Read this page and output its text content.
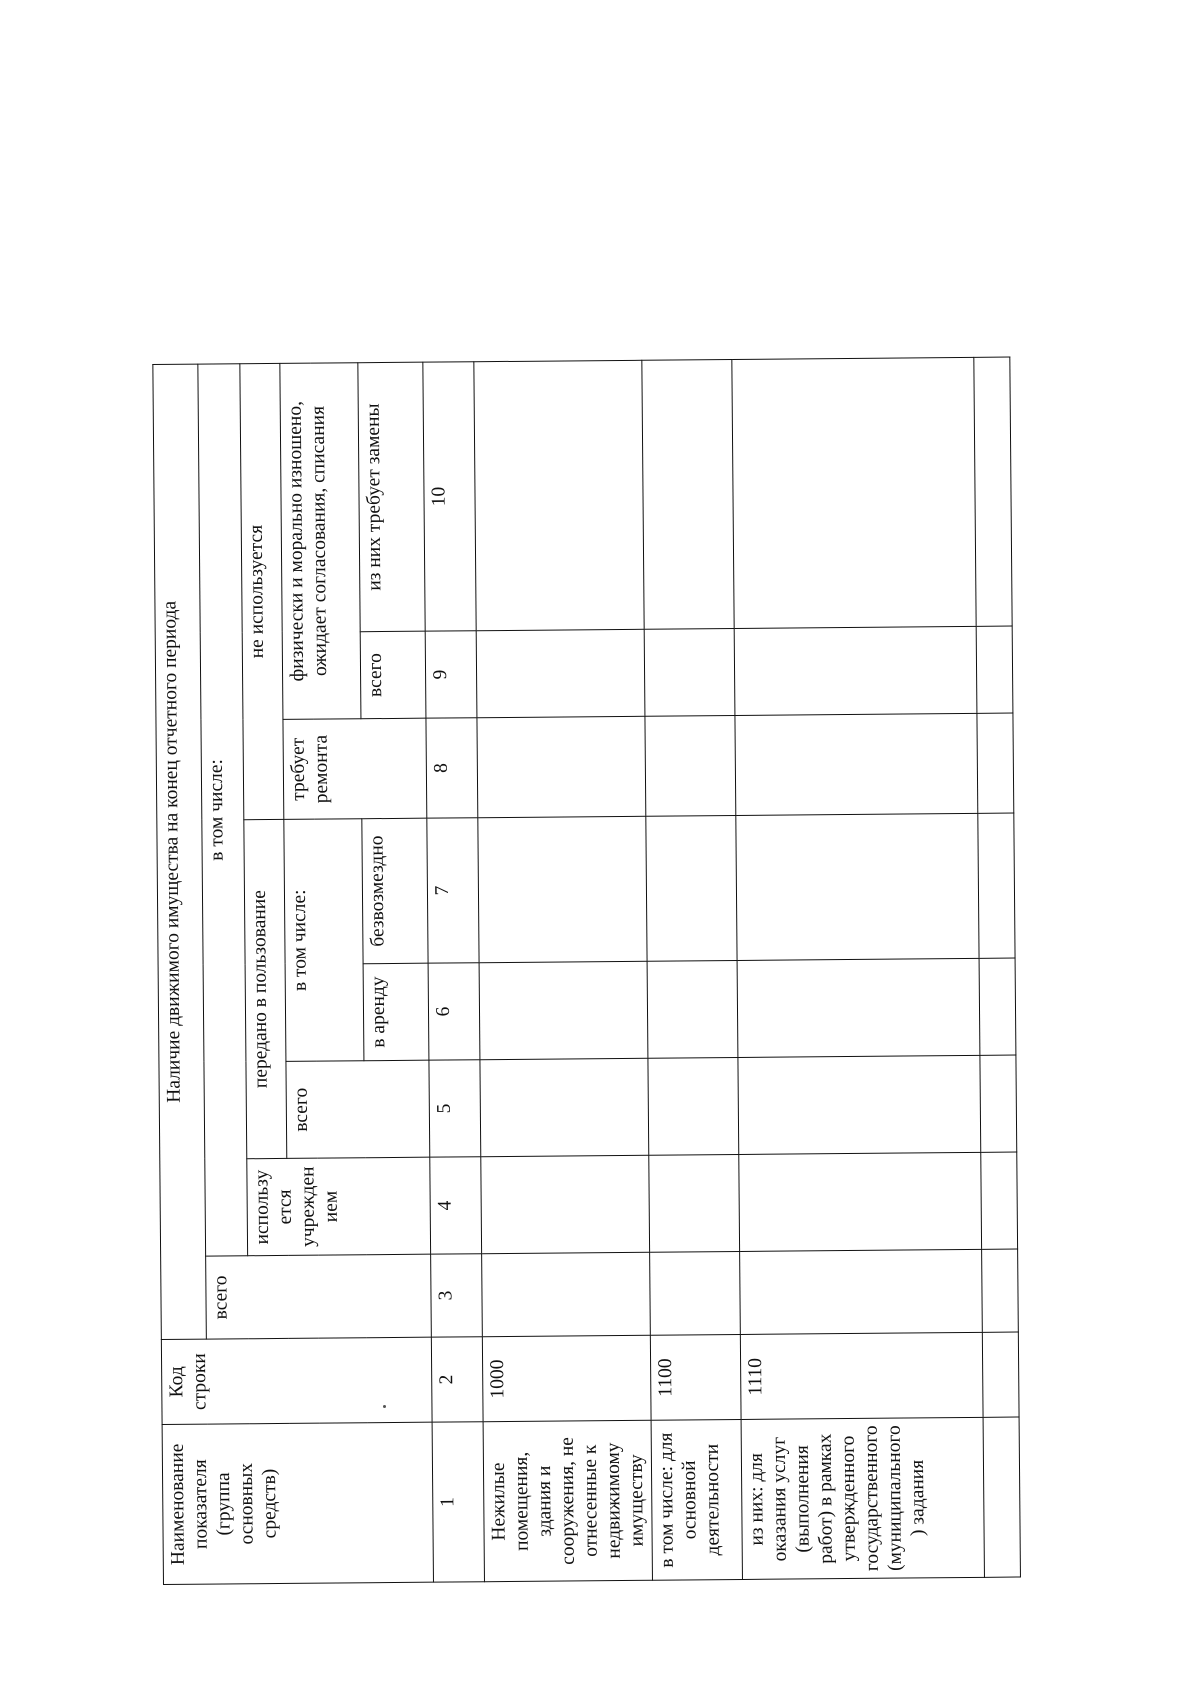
Наименование показателя (группа основных средств)	Код строки	Наличие движимого имущества на конец отчетного периода							
		всего	в том числе:						
			использу ется учрежден ием	передано в пользование			не используется		
				всего	в том числе:		требует ремонта	физически и морально изношено, ожидает согласования, списания	

					в аренду	безвозмездно		всего	из них требует замены
1	2	3	4	5	6	7	8	9	10
Нежилые помещения, здания и сооружения, не отнесенные к недвижимому имуществу	1000								
в том числе: для основной деятельности	1100								
из них: для оказания услуг (выполнения работ) в рамках утвержденного государственного (муниципального ) задания	1110								
